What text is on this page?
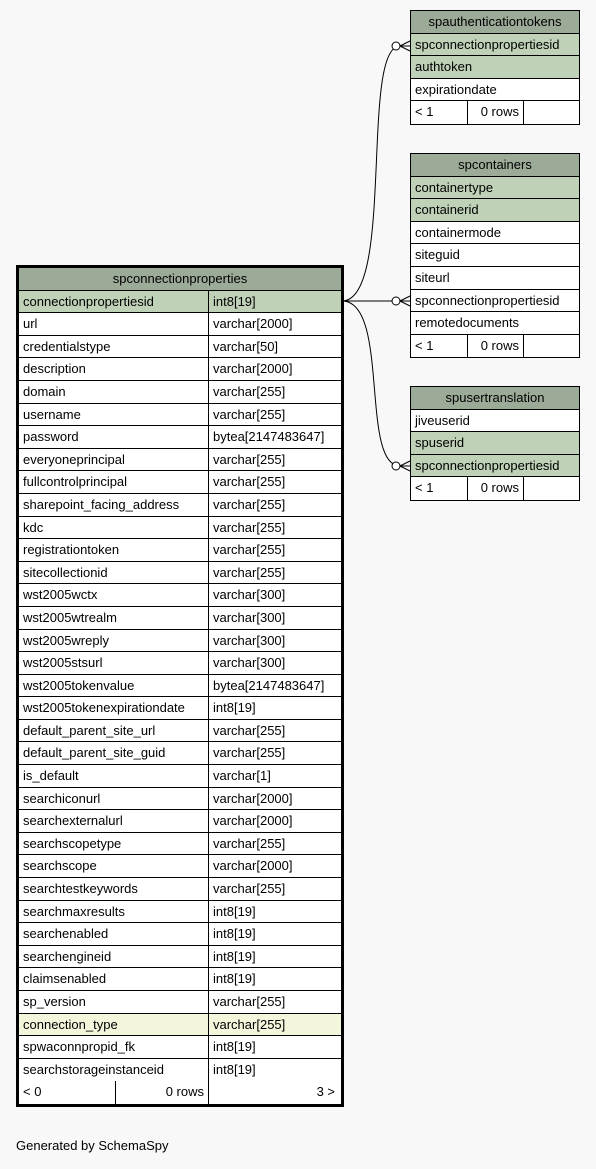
spconnectionproperties
connectionpropertiesid	int8[19]
url	varchar[2000]
credentialstype	varchar[50]
description	varchar[2000]
domain	varchar[255]
username	varchar[255]
password	bytea[2147483647]
everyoneprincipal	varchar[255]
fullcontrolprincipal	varchar[255]
sharepoint_facing_address	varchar[255]
kdc	varchar[255]
registrationtoken	varchar[255]
sitecollectionid	varchar[255]
wst2005wctx	varchar[300]
wst2005wtrealm	varchar[300]
wst2005wreply	varchar[300]
wst2005stsurl	varchar[300]
wst2005tokenvalue	bytea[2147483647]
wst2005tokenexpirationdate	int8[19]
default_parent_site_url	varchar[255]
default_parent_site_guid	varchar[255]
is_default	varchar[1]
searchiconurl	varchar[2000]
searchexternalurl	varchar[2000]
searchscopetype	varchar[255]
searchscope	varchar[2000]
searchtestkeywords	varchar[255]
searchmaxresults	int8[19]
searchenabled	int8[19]
searchengineid	int8[19]
claimsenabled	int8[19]
sp_version	varchar[255]
connection_type	varchar[255]
spwaconnpropid_fk	int8[19]
searchstorageinstanceid	int8[19]
< 0	0 rows	3 >
spauthenticationtokens
spconnectionpropertiesid
authtoken
expirationdate
< 1	0 rows
spcontainers
containertype
containerid
containermode
siteguid
siteurl
spconnectionpropertiesid
remotedocuments
< 1	0 rows
spusertranslation
jiveuserid
spuserid
spconnectionpropertiesid
< 1	0 rows
Generated by SchemaSpy
